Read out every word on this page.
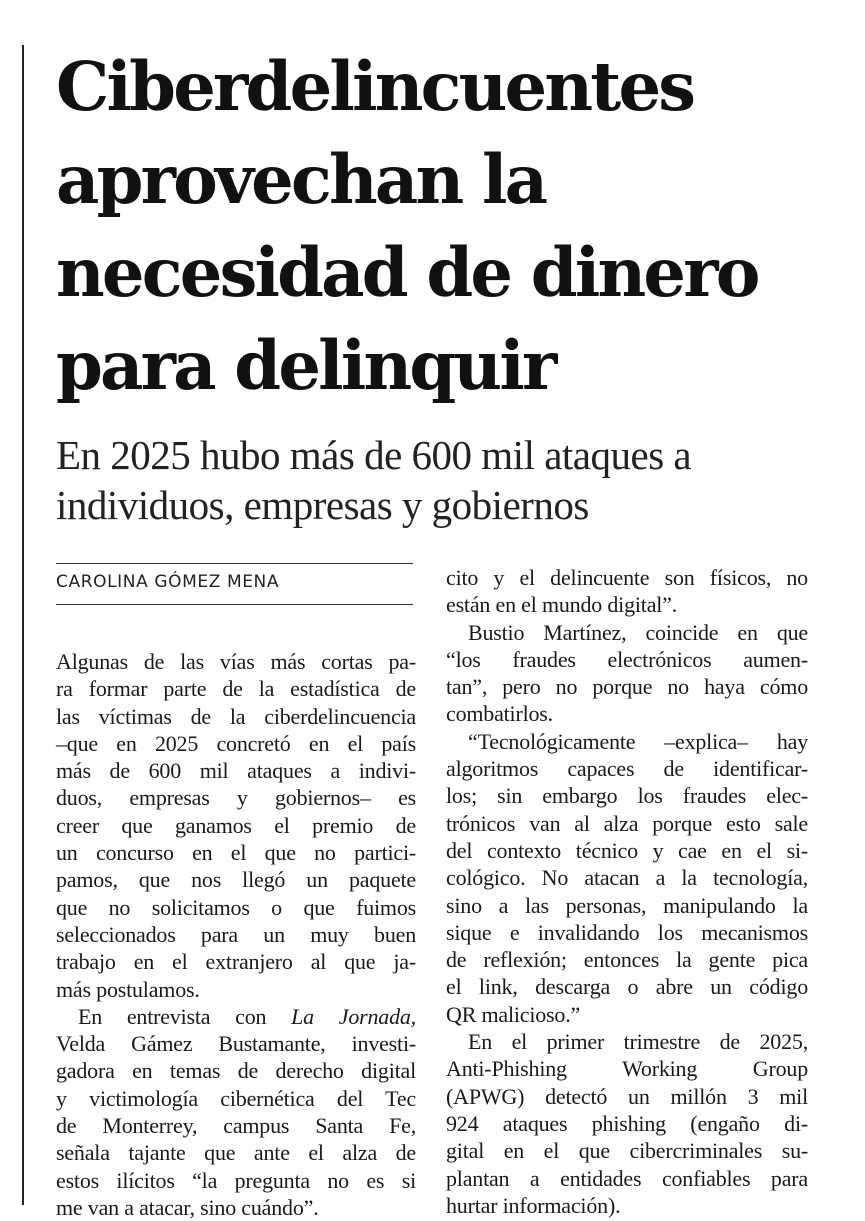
Ciberdelincuentes aprovechan la necesidad de dinero para delinquir
En 2025 hubo más de 600 mil ataques a individuos, empresas y gobiernos
CAROLINA GÓMEZ MENA
Algunas de las vías más cortas pa-
ra formar parte de la estadística de
las víctimas de la ciberdelincuencia
–que en 2025 concretó en el país
más de 600 mil ataques a indivi-
duos, empresas y gobiernos– es
creer que ganamos el premio de
un concurso en el que no partici-
pamos, que nos llegó un paquete
que no solicitamos o que fuimos
seleccionados para un muy buen
trabajo en el extranjero al que ja-
más postulamos.
En entrevista con La Jornada,
Velda Gámez Bustamante, investi-
gadora en temas de derecho digital
y victimología cibernética del Tec
de Monterrey, campus Santa Fe,
señala tajante que ante el alza de
estos ilícitos “la pregunta no es si
me van a atacar, sino cuándo”.
cito y el delincuente son físicos, no
están en el mundo digital”.
Bustio Martínez, coincide en que
“los fraudes electrónicos aumen-
tan”, pero no porque no haya cómo
combatirlos.
“Tecnológicamente –explica– hay
algoritmos capaces de identificar-
los; sin embargo los fraudes elec-
trónicos van al alza porque esto sale
del contexto técnico y cae en el si-
cológico. No atacan a la tecnología,
sino a las personas, manipulando la
sique e invalidando los mecanismos
de reflexión; entonces la gente pica
el link, descarga o abre un código
QR malicioso.”
En el primer trimestre de 2025,
Anti-Phishing Working Group
(APWG) detectó un millón 3 mil
924 ataques phishing (engaño di-
gital en el que cibercriminales su-
plantan a entidades confiables para
hurtar información).
